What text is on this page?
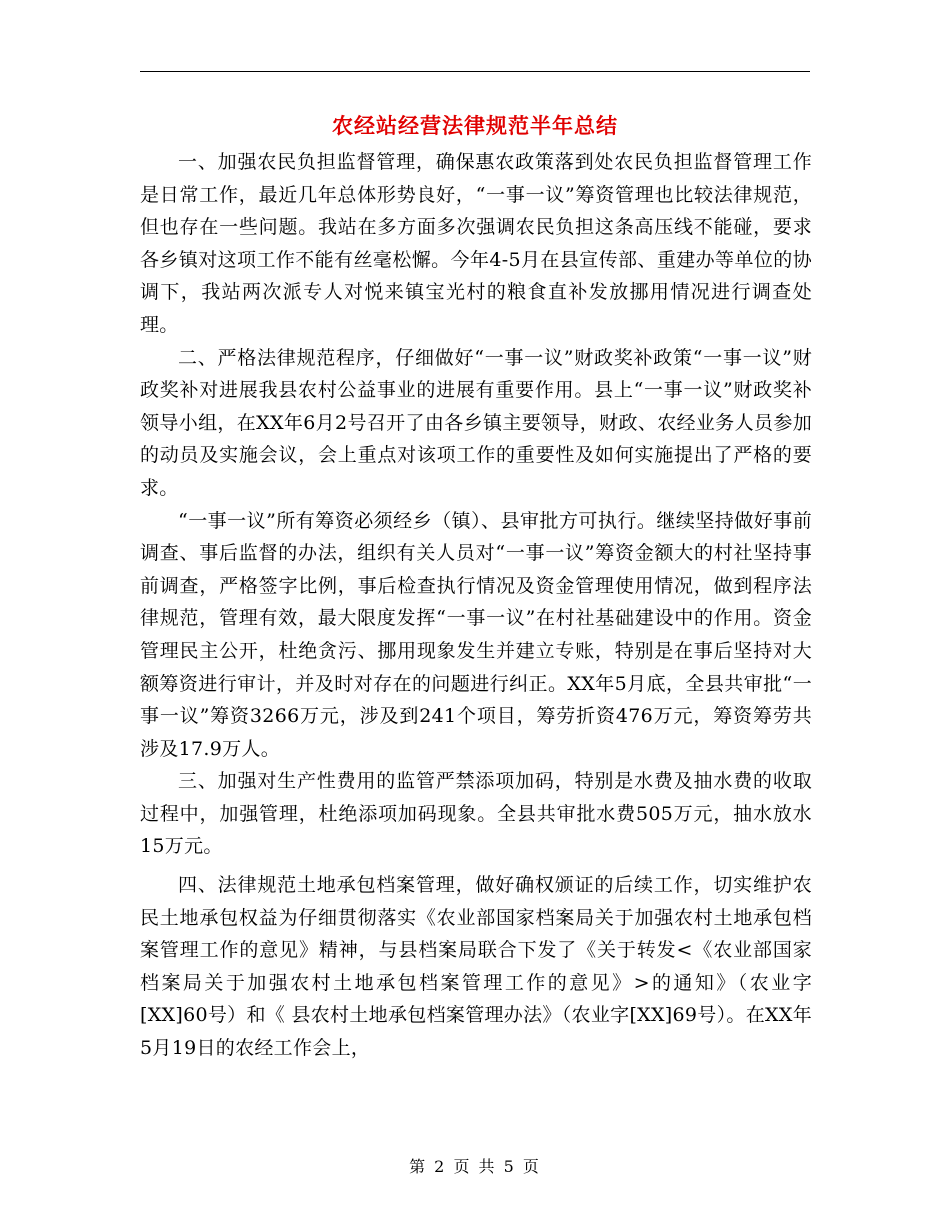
农经站经营法律规范半年总结

一、加强农民负担监督管理，确保惠农政策落到处农民负担监督管理工作是日常工作，最近几年总体形势良好，“一事一议”筹资管理也比较法律规范，但也存在一些问题。我站在多方面多次强调农民负担这条高压线不能碰，要求各乡镇对这项工作不能有丝毫松懈。今年4-5月在县宣传部、重建办等单位的协调下，我站两次派专人对悦来镇宝光村的粮食直补发放挪用情况进行调查处理。

二、严格法律规范程序，仔细做好“一事一议”财政奖补政策“一事一议”财政奖补对进展我县农村公益事业的进展有重要作用。县上“一事一议”财政奖补领导小组，在XX年6月2号召开了由各乡镇主要领导，财政、农经业务人员参加的动员及实施会议，会上重点对该项工作的重要性及如何实施提出了严格的要求。

“一事一议”所有筹资必须经乡（镇）、县审批方可执行。继续坚持做好事前调查、事后监督的办法，组织有关人员对“一事一议”筹资金额大的村社坚持事前调查，严格签字比例，事后检查执行情况及资金管理使用情况，做到程序法律规范，管理有效，最大限度发挥“一事一议”在村社基础建设中的作用。资金管理民主公开，杜绝贪污、挪用现象发生并建立专账，特别是在事后坚持对大额筹资进行审计，并及时对存在的问题进行纠正。XX年5月底，全县共审批“一事一议”筹资3266万元，涉及到241个项目，筹劳折资476万元，筹资筹劳共涉及17.9万人。

三、加强对生产性费用的监管严禁添项加码，特别是水费及抽水费的收取过程中，加强管理，杜绝添项加码现象。全县共审批水费505万元，抽水放水15万元。

四、法律规范土地承包档案管理，做好确权颁证的后续工作，切实维护农民土地承包权益为仔细贯彻落实《农业部国家档案局关于加强农村土地承包档案管理工作的意见》精神，与县档案局联合下发了《关于转发<《农业部国家档案局关于加强农村土地承包档案管理工作的意见》>的通知》（农业字[XX]60号）和《 县农村土地承包档案管理办法》（农业字[XX]69号）。在XX年5月19日的农经工作会上，

第 2 页 共 5 页
